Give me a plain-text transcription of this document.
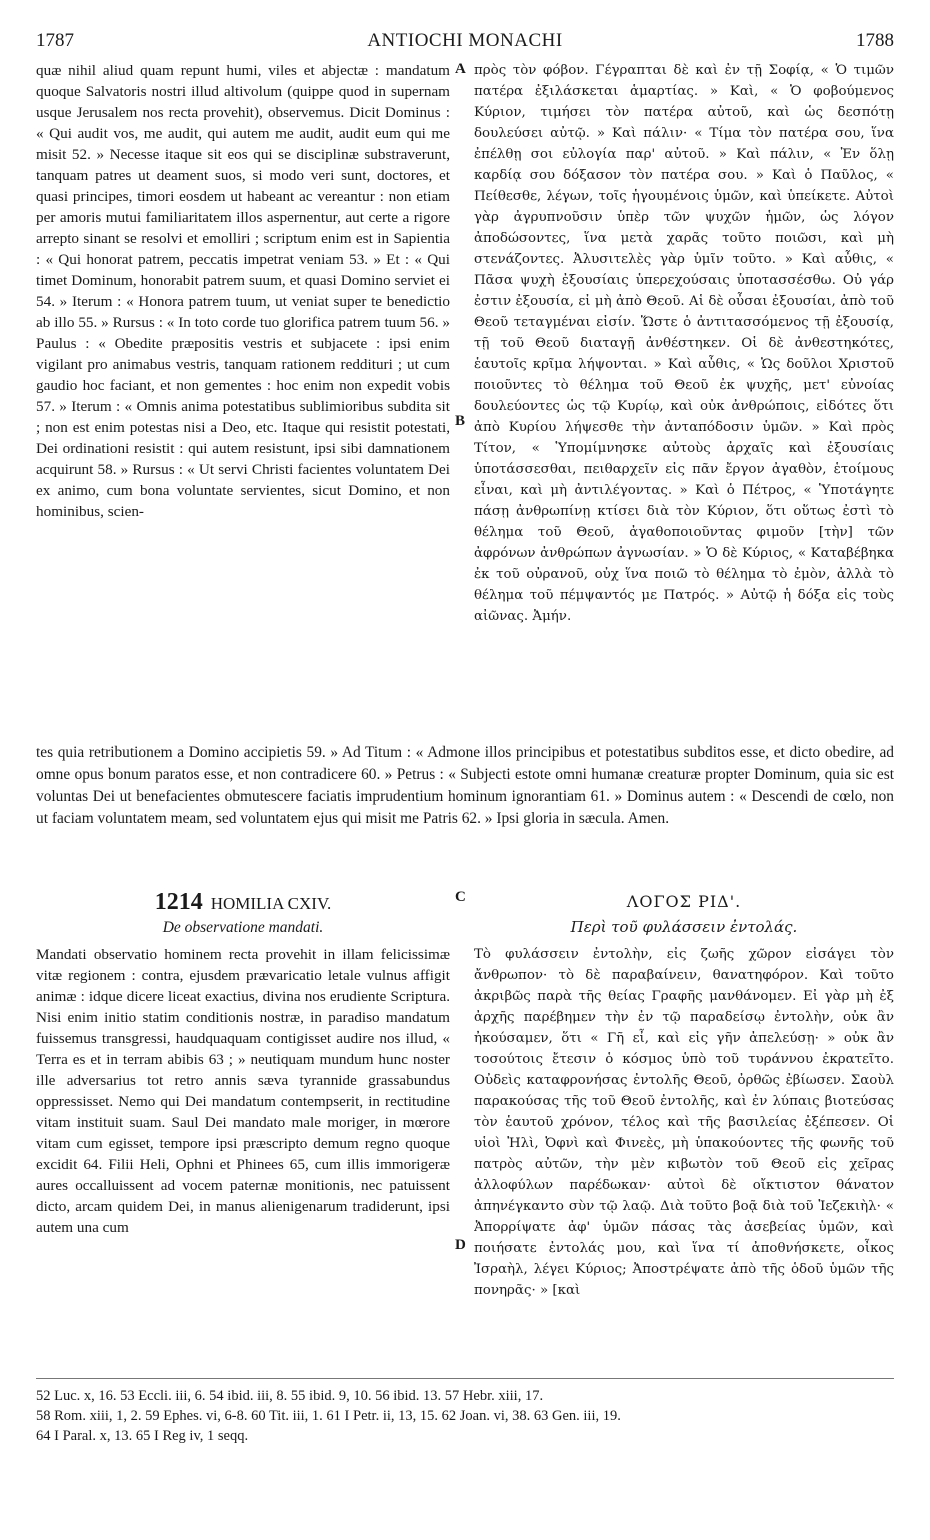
1787	ANTIOCHI MONACHI	1788

quæ nihil aliud quam repunt humi, viles et abjectæ : mandatum quoque Salvatoris nostri illud altivolum (quippe quod in supernam usque Jerusalem nos recta provehit), observemus. Dicit Dominus : « Qui audit vos, me audit, qui autem me audit, audit eum qui me misit 52. » Necesse itaque sit eos qui se disciplinæ substraverunt, tanquam patres ut deament suos, si modo veri sunt, doctores, et quasi principes, timori eosdem ut habeant ac vereantur : non etiam per amoris mutui familiaritatem illos aspernentur, aut certe a rigore arrepto sinant se resolvi et emolliri ; scriptum enim est in Sapientia : « Qui honorat patrem, peccatis impetrat veniam 53. » Et : « Qui timet Dominum, honorabit patrem suum, et quasi Domino serviet ei 54. » Iterum : « Honora patrem tuum, ut veniat super te benedictio ab illo 55. » Rursus : « In toto corde tuo glorifica patrem tuum 56. » Paulus : « Obedite præpositis vestris et subjacete : ipsi enim vigilant pro animabus vestris, tanquam rationem reddituri ; ut cum gaudio hoc faciant, et non gementes : hoc enim non expedit vobis 57. » Iterum : « Omnis anima potestatibus sublimioribus subdita sit ; non est enim potestas nisi a Deo, etc. Itaque qui resistit potestati, Dei ordinationi resistit : qui autem resistunt, ipsi sibi damnationem acquirunt 58. » Rursus : « Ut servi Christi facientes voluntatem Dei ex animo, cum bona voluntate servientes, sicut Domino, et non hominibus, scien-

A
B

πρὸς τὸν φόβον. Γέγραπται δὲ καὶ ἐν τῇ Σοφίᾳ, « Ὁ τιμῶν πατέρα ἐξιλάσκεται ἁμαρτίας. » Καὶ, « Ὁ φοβούμενος Κύριον, τιμήσει τὸν πατέρα αὐτοῦ, καὶ ὡς δεσπότῃ δουλεύσει αὐτῷ. » Καὶ πάλιν· « Τίμα τὸν πατέρα σου, ἵνα ἐπέλθῃ σοι εὐλογία παρ' αὐτοῦ. » Καὶ πάλιν, « Ἐν ὅλῃ καρδίᾳ σου δόξασον τὸν πατέρα σου. » Καὶ ὁ Παῦλος, « Πείθεσθε, λέγων, τοῖς ἡγουμένοις ὑμῶν, καὶ ὑπείκετε. Αὐτοὶ γὰρ ἀγρυπνοῦσιν ὑπὲρ τῶν ψυχῶν ἡμῶν, ὡς λόγον ἀποδώσοντες, ἵνα μετὰ χαρᾶς τοῦτο ποιῶσι, καὶ μὴ στενάζοντες. Ἀλυσιτελὲς γὰρ ὑμῖν τοῦτο. » Καὶ αὖθις, « Πᾶσα ψυχὴ ἐξουσίαις ὑπερεχούσαις ὑποτασσέσθω. Οὐ γάρ ἐστιν ἐξουσία, εἰ μὴ ἀπὸ Θεοῦ. Αἱ δὲ οὖσαι ἐξουσίαι, ἀπὸ τοῦ Θεοῦ τεταγμέναι εἰσίν. Ὥστε ὁ ἀντιτασσόμενος τῇ ἐξουσίᾳ, τῇ τοῦ Θεοῦ διαταγῇ ἀνθέστηκεν. Οἱ δὲ ἀνθεστηκότες, ἑαυτοῖς κρῖμα λήψονται. » Καὶ αὖθις, « Ὡς δοῦλοι Χριστοῦ ποιοῦντες τὸ θέλημα τοῦ Θεοῦ ἐκ ψυχῆς, μετ' εὐνοίας δουλεύοντες ὡς τῷ Κυρίῳ, καὶ οὐκ ἀνθρώποις, εἰδότες ὅτι ἀπὸ Κυρίου λήψεσθε τὴν ἀνταπόδοσιν ὑμῶν. » Καὶ πρὸς Τίτον, « Ὑπομίμνησκε αὐτοὺς ἀρχαῖς καὶ ἐξουσίαις ὑποτάσσεσθαι, πειθαρχεῖν εἰς πᾶν ἔργον ἀγαθὸν, ἑτοίμους εἶναι, καὶ μὴ ἀντιλέγοντας. » Καὶ ὁ Πέτρος, « Ὑποτάγητε πάσῃ ἀνθρωπίνῃ κτίσει διὰ τὸν Κύριον, ὅτι οὕτως ἐστὶ τὸ θέλημα τοῦ Θεοῦ, ἀγαθοποιοῦντας φιμοῦν [τὴν] τῶν ἀφρόνων ἀνθρώπων ἀγνωσίαν. » Ὁ δὲ Κύριος, « Καταβέβηκα ἐκ τοῦ οὐρανοῦ, οὐχ ἵνα ποιῶ τὸ θέλημα τὸ ἐμὸν, ἀλλὰ τὸ θέλημα τοῦ πέμψαντός με Πατρός. » Αὐτῷ ἡ δόξα εἰς τοὺς αἰῶνας. Ἀμήν.

tes quia retributionem a Domino accipietis 59. » Ad Titum : « Admone illos principibus et potestatibus subditos esse, et dicto obedire, ad omne opus bonum paratos esse, et non contradicere 60. » Petrus : « Subjecti estote omni humanæ creaturæ propter Dominum, quia sic est voluntas Dei ut benefacientes obmutescere faciatis imprudentium hominum ignorantiam 61. » Dominus autem : « Descendi de cœlo, non ut faciam voluntatem meam, sed voluntatem ejus qui misit me Patris 62. » Ipsi gloria in sæcula. Amen.

1214 HOMILIA CXIV.
De observatione mandati.
C	ΛΟΓΟΣ ΡΙΔ'.
Περὶ τοῦ φυλάσσειν ἐντολάς.

Mandati observatio hominem recta provehit in illam felicissimæ vitæ regionem : contra, ejusdem prævaricatio letale vulnus affigit animæ : idque dicere liceat exactius, divina nos erudiente Scriptura. Nisi enim initio statim conditionis nostræ, in paradiso mandatum fuissemus transgressi, haudquaquam contigisset audire nos illud, « Terra es et in terram abibis 63 ; » neutiquam mundum hunc noster ille adversarius tot retro annis sæva tyrannide grassabundus oppressisset. Nemo qui Dei mandatum contempserit, in rectitudine vitam instituit suam. Saul Dei mandato male moriger, in mœrore vitam cum egisset, tempore ipsi præscripto demum regno quoque excidit 64. Filii Heli, Ophni et Phinees 65, cum illis immorigeræ aures occalluissent ad vocem paternæ monitionis, nec patuissent dicto, arcam quidem Dei, in manus alienigenarum tradiderunt, ipsi autem una cum

D

Τὸ φυλάσσειν ἐντολὴν, εἰς ζωῆς χῶρον εἰσάγει τὸν ἄνθρωπον· τὸ δὲ παραβαίνειν, θανατηφόρον. Καὶ τοῦτο ἀκριβῶς παρὰ τῆς θείας Γραφῆς μανθάνομεν. Εἰ γὰρ μὴ ἐξ ἀρχῆς παρέβημεν τὴν ἐν τῷ παραδείσῳ ἐντολὴν, οὐκ ἂν ἠκούσαμεν, ὅτι « Γῆ εἶ, καὶ εἰς γῆν ἀπελεύσῃ· » οὐκ ἂν τοσούτοις ἔτεσιν ὁ κόσμος ὑπὸ τοῦ τυράννου ἐκρατεῖτο. Οὐδεὶς καταφρονήσας ἐντολῆς Θεοῦ, ὀρθῶς ἐβίωσεν. Σαοὺλ παρακούσας τῆς τοῦ Θεοῦ ἐντολῆς, καὶ ἐν λύπαις βιοτεύσας τὸν ἑαυτοῦ χρόνον, τέλος καὶ τῆς βασιλείας ἐξέπεσεν. Οἱ υἱοὶ Ἠλὶ, Ὀφνὶ καὶ Φινεὲς, μὴ ὑπακούοντες τῆς φωνῆς τοῦ πατρὸς αὐτῶν, τὴν μὲν κιβωτὸν τοῦ Θεοῦ εἰς χεῖρας ἀλλοφύλων παρέδωκαν· αὐτοὶ δὲ οἴκτιστον θάνατον ἀπηνέγκαντο σὺν τῷ λαῷ. Διὰ τοῦτο βοᾷ διὰ τοῦ Ἰεζεκιὴλ· « Ἀπορρίψατε ἀφ' ὑμῶν πάσας τὰς ἀσεβείας ὑμῶν, καὶ ποιήσατε ἐντολάς μου, καὶ ἵνα τί ἀποθνήσκετε, οἶκος Ἰσραὴλ, λέγει Κύριος; Ἀποστρέψατε ἀπὸ τῆς ὁδοῦ ὑμῶν τῆς πονηρᾶς· » [καὶ

52 Luc. x, 16. 53 Eccli. iii, 6. 54 ibid. iii, 8. 55 ibid. 9, 10. 56 ibid. 13. 57 Hebr. xiii, 17.
58 Rom. xiii, 1, 2. 59 Ephes. vi, 6-8. 60 Tit. iii, 1. 61 I Petr. ii, 13, 15. 62 Joan. vi, 38. 63 Gen. iii, 19.
64 I Paral. x, 13. 65 I Reg iv, 1 seqq.
